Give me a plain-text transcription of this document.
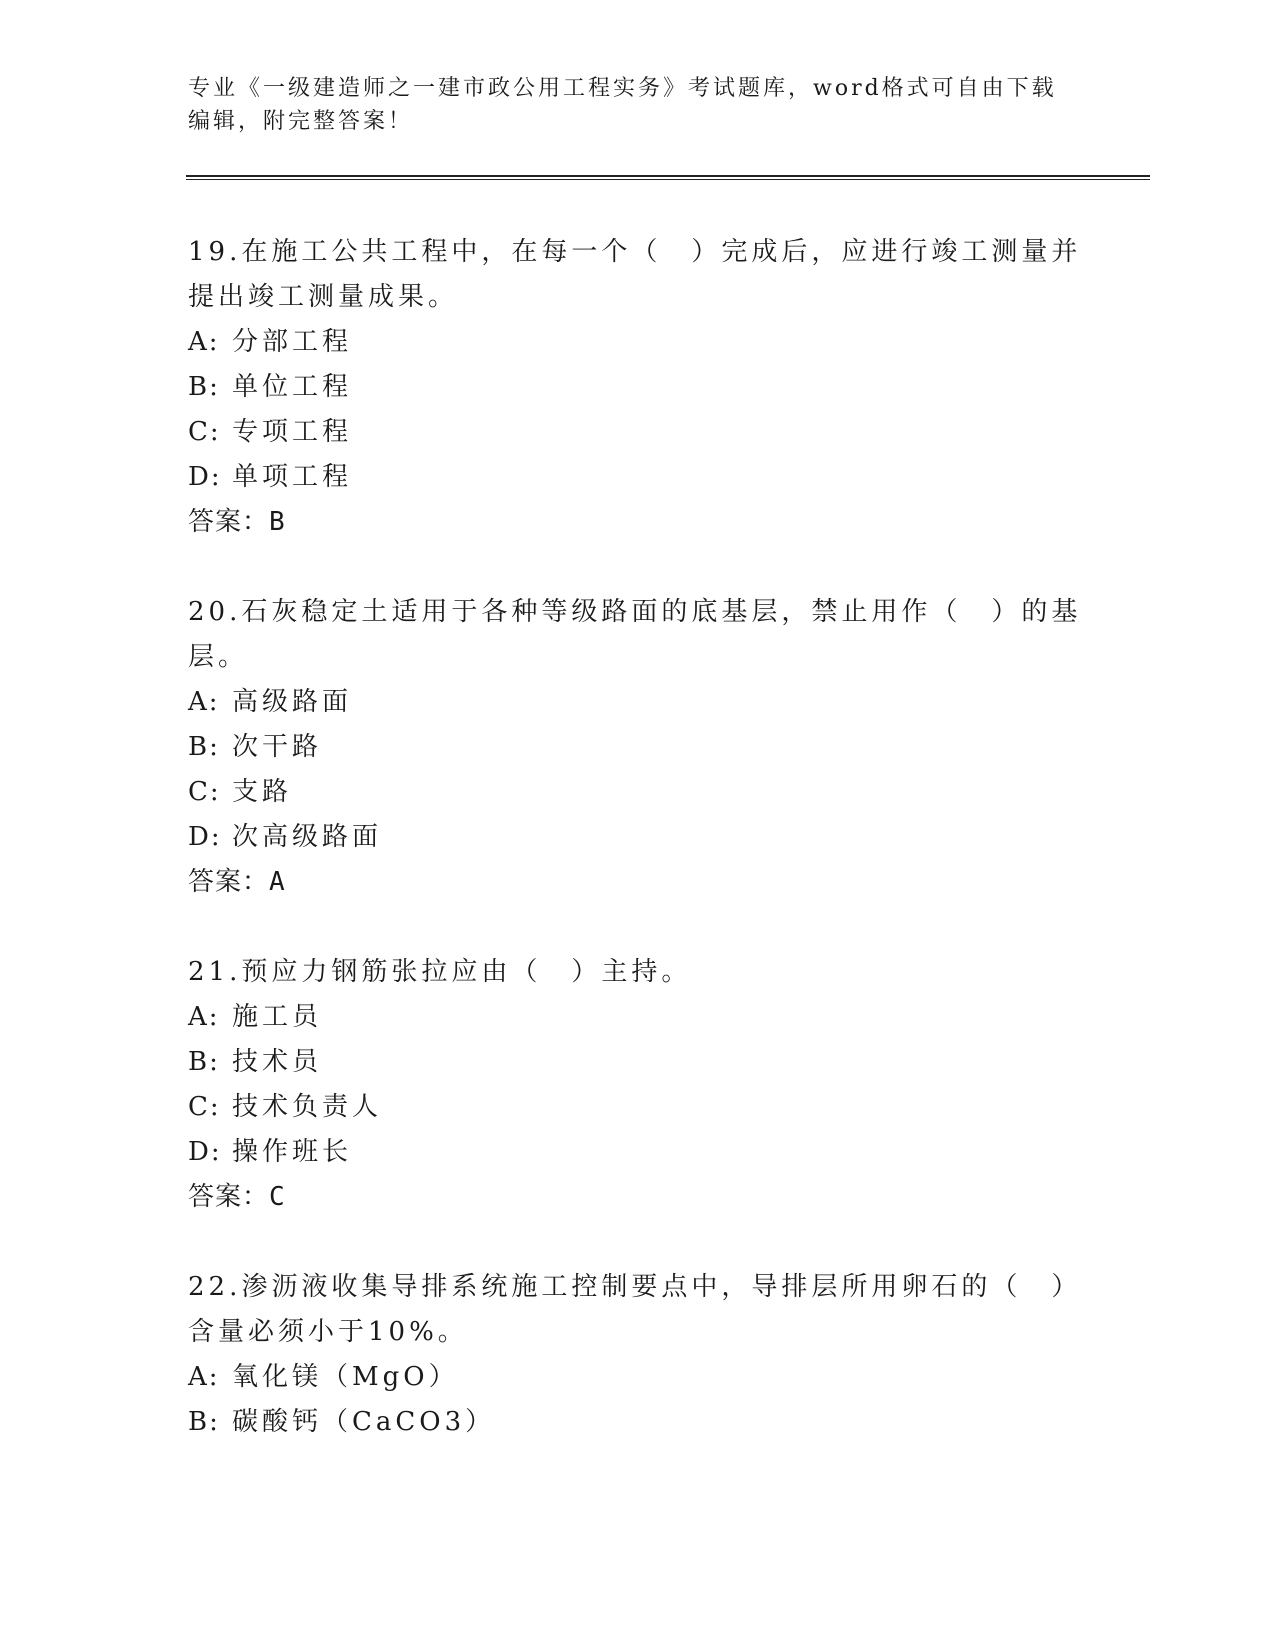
专业《一级建造师之一建市政公用工程实务》考试题库，word格式可自由下载编辑，附完整答案！

19.在施工公共工程中，在每一个（　）完成后，应进行竣工测量并提出竣工测量成果。

A: 分部工程

B: 单位工程

C: 专项工程

D: 单项工程

答案：B

20.石灰稳定土适用于各种等级路面的底基层，禁止用作（　）的基层。

A: 高级路面

B: 次干路

C: 支路

D: 次高级路面

答案：A

21.预应力钢筋张拉应由（　）主持。

A: 施工员

B: 技术员

C: 技术负责人

D: 操作班长

答案：C

22.渗沥液收集导排系统施工控制要点中，导排层所用卵石的（　）含量必须小于10%。

A: 氧化镁（MgO）

B: 碳酸钙（CaCO3）
